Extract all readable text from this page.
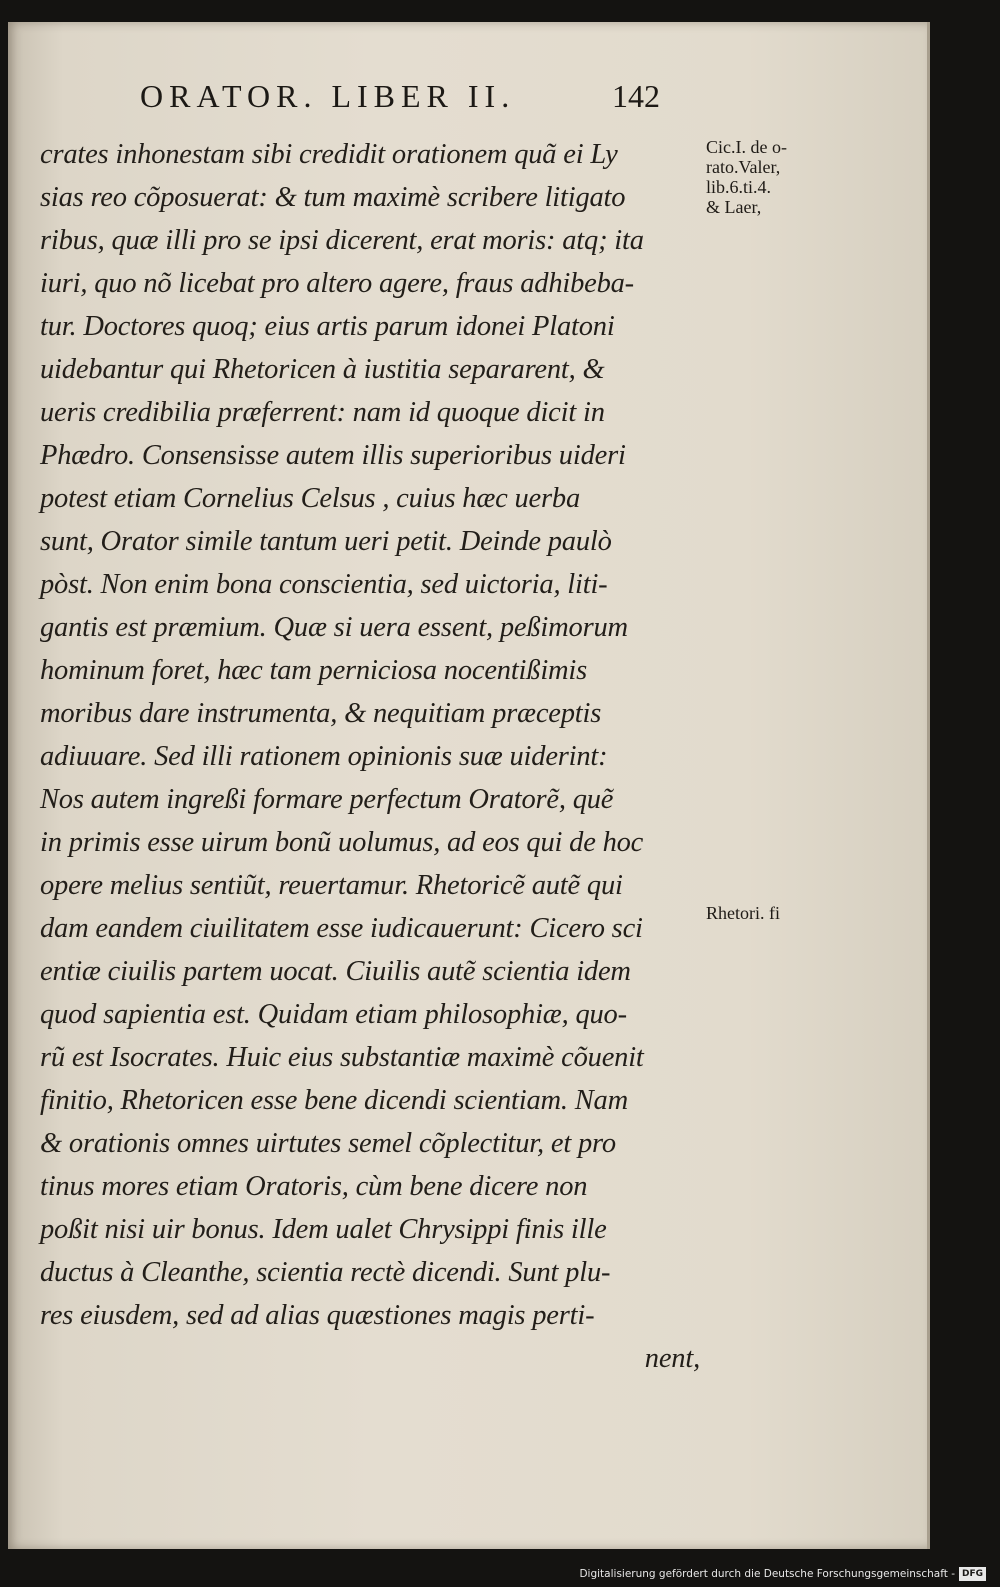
ORATOR. LIBER II.	142
crates inhonestam sibi credidit orationem quã ei Ly
sias reo cõposuerat: & tum maximè scribere litigato
ribus, quæ illi pro se ipsi dicerent, erat moris: atq; ita
iuri, quo nõ licebat pro altero agere, fraus adhibeba-
tur. Doctores quoq; eius artis parum idonei Platoni
uidebantur qui Rhetoricen à iustitia separarent, &
ueris credibilia præferrent: nam id quoque dicit in
Phædro. Consensisse autem illis superioribus uideri
potest etiam Cornelius Celsus , cuius hæc uerba
sunt, Orator simile tantum ueri petit. Deinde paulò
pòst. Non enim bona conscientia, sed uictoria, liti-
gantis est præmium. Quæ si uera essent, peßimorum
hominum foret, hæc tam perniciosa nocentißimis
moribus dare instrumenta, & nequitiam præceptis
adiuuare. Sed illi rationem opinionis suæ uiderint:
Nos autem ingreßi formare perfectum Oratorẽ, quẽ
in primis esse uirum bonũ uolumus, ad eos qui de hoc
opere melius sentiũt, reuertamur. Rhetoricẽ autẽ qui
dam eandem ciuilitatem esse iudicauerunt: Cicero sci
entiæ ciuilis partem uocat. Ciuilis autẽ scientia idem
quod sapientia est. Quidam etiam philosophiæ, quo-
rũ est Isocrates. Huic eius substantiæ maximè cõuenit
finitio, Rhetoricen esse bene dicendi scientiam. Nam
& orationis omnes uirtutes semel cõplectitur, et pro
tinus mores etiam Oratoris, cùm bene dicere non
poßit nisi uir bonus. Idem ualet Chrysippi finis ille
ductus à Cleanthe, scientia rectè dicendi. Sunt plu-
res eiusdem, sed ad alias quæstiones magis perti-
nent,
Cic.I. de o-
rato.Valer,
lib.6.ti.4.
& Laer,
Rhetori. fi
Digitalisierung gefördert durch die Deutsche Forschungsgemeinschaft - DFG
